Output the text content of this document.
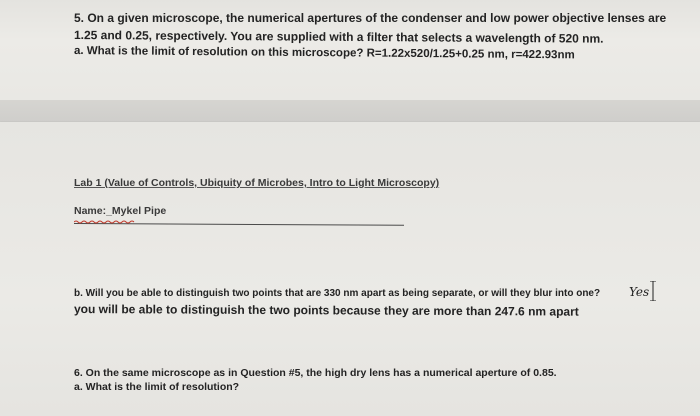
5. On a given microscope, the numerical apertures of the condenser and low power objective lenses are
1.25 and 0.25, respectively. You are supplied with a filter that selects a wavelength of 520 nm.
a. What is the limit of resolution on this microscope? R=1.22x520/1.25+0.25 nm, r=422.93nm
Lab 1 (Value of Controls, Ubiquity of Microbes, Intro to Light Microscopy)
Name:_Mykel Pipe
b. Will you be able to distinguish two points that are 330 nm apart as being separate, or will they blur into one? Yes
you will be able to distinguish the two points because they are more than 247.6 nm apart
6. On the same microscope as in Question #5, the high dry lens has a numerical aperture of 0.85.
a. What is the limit of resolution?
